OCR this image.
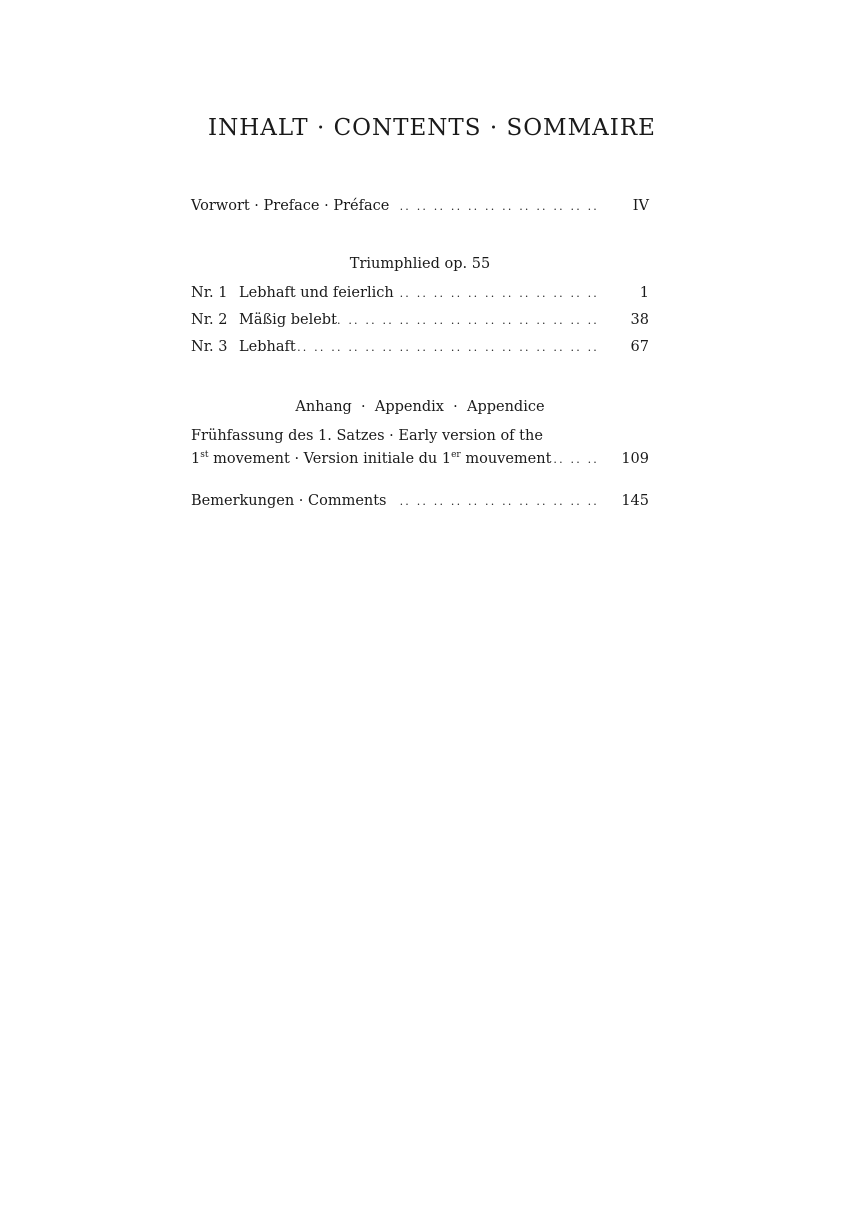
INHALT · CONTENTS · SOMMAIRE
Vorwort · Preface · Préface .. .. .. .. .. .. .. .. .. .. .. .. IV
Triumphlied op. 55
Nr. 1 Lebhaft und feierlich .. .. .. .. .. .. .. .. .. .. .. ..	1
Nr. 2 Mäßig belebt
.. .. .. .. .. .. .. .. .. .. .. .. .. .. .. .. 38
Nr. 3 Lebhaft .. .. .. .. .. .. .. .. .. .. .. .. .. .. .. .. .. .. 67
Anhang  ·  Appendix  ·  Appendice
Frühfassung des 1. Satzes · Early version of the
1st movement · Version initiale du 1er mouvement .. .. .. 109
Bemerkungen · Comments	.. .. .. .. .. .. .. .. .. .. .. .. 145
